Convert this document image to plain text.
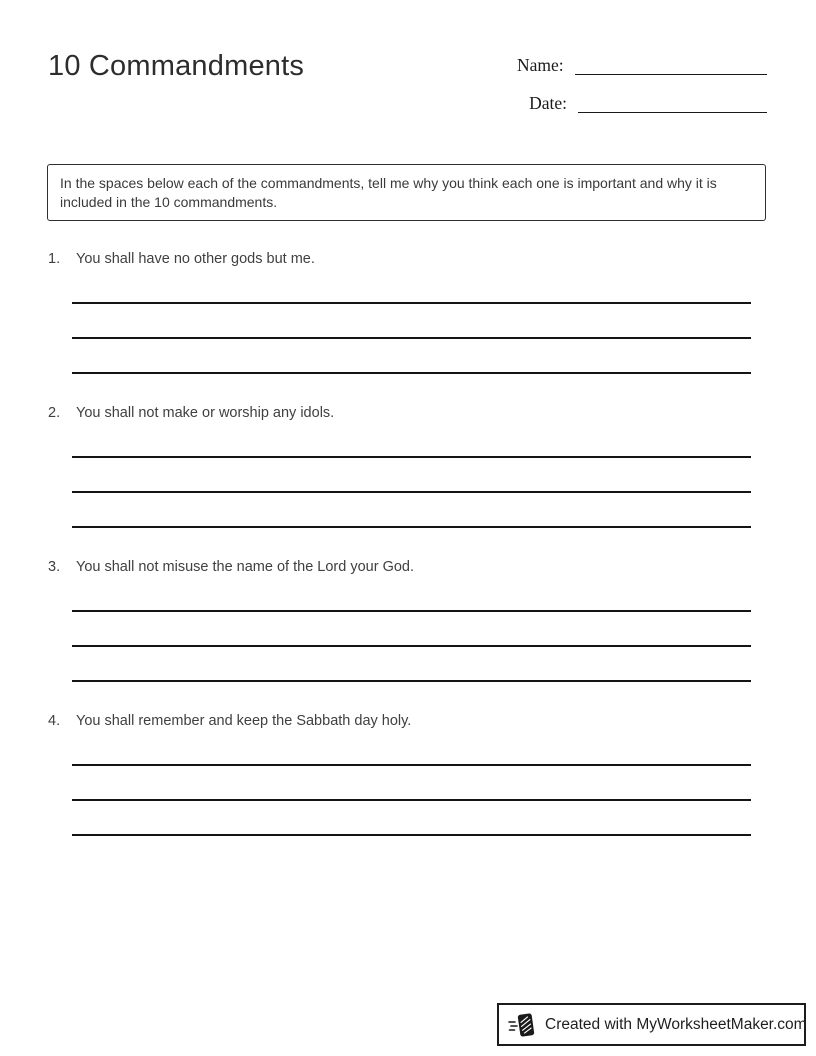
10 Commandments	Name:
Date:
In the spaces below each of the commandments, tell me why you think each one is important and why it is included in the 10 commandments.
1.	You shall have no other gods but me.
2.	You shall not make or worship any idols.
3.	You shall not misuse the name of the Lord your God.
4.	You shall remember and keep the Sabbath day holy.
Created with MyWorksheetMaker.com
